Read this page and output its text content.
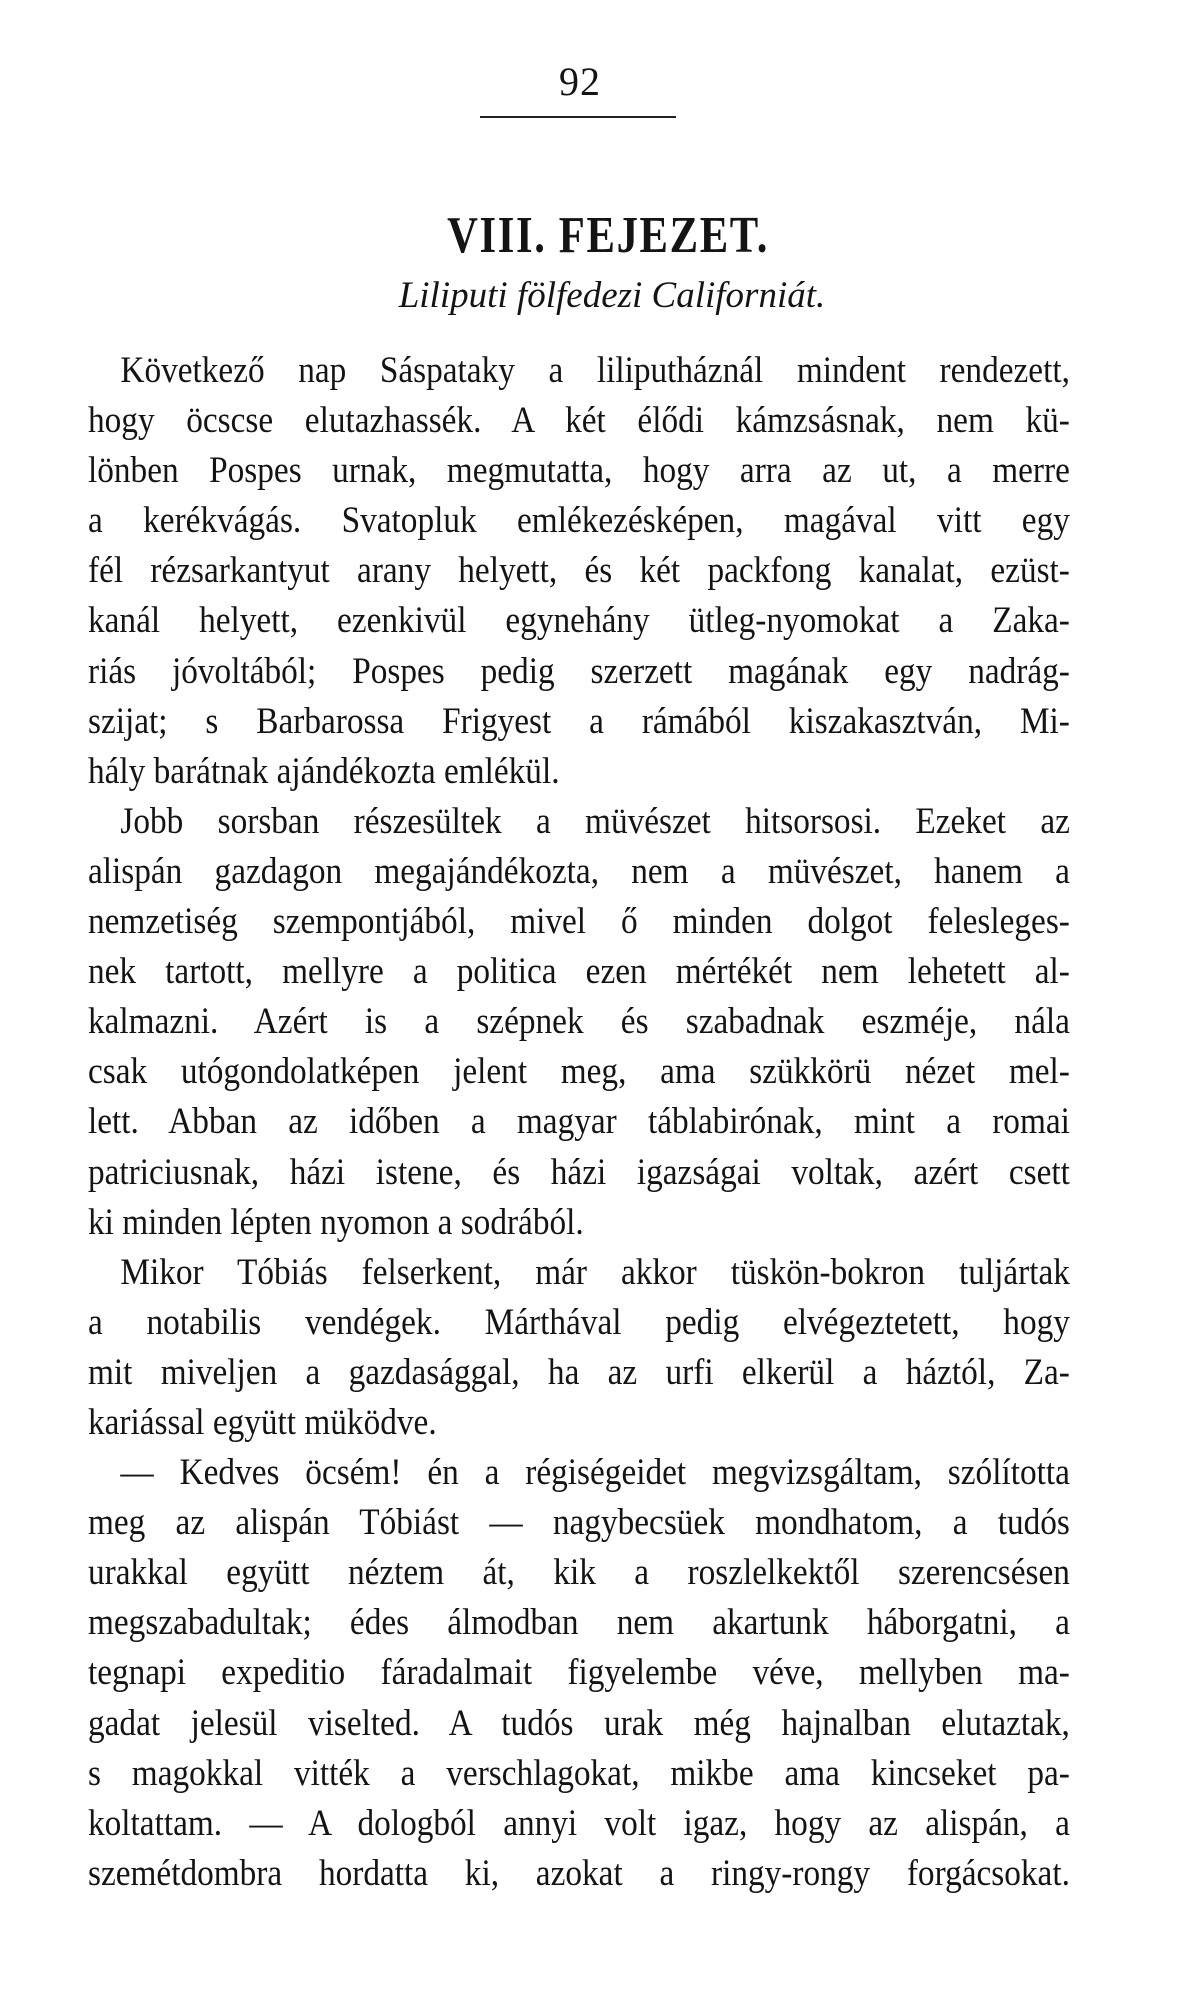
92
VIII. FEJEZET.
Liliputi fölfedezi Californiát.
Következő nap Sáspataky a liliputháznál mindent rendezett,
hogy öcscse elutazhassék. A két élődi kámzsásnak, nem kü-
lönben Pospes urnak, megmutatta, hogy arra az ut, a merre
a kerékvágás. Svatopluk emlékezésképen, magával vitt egy
fél rézsarkantyut arany helyett, és két packfong kanalat, ezüst-
kanál helyett, ezenkivül egynehány ütleg-nyomokat a Zaka-
riás jóvoltából; Pospes pedig szerzett magának egy nadrág-
szijat; s Barbarossa Frigyest a rámából kiszakasztván, Mi-
hály barátnak ajándékozta emlékül.
Jobb sorsban részesültek a müvészet hitsorsosi. Ezeket az
alispán gazdagon megajándékozta, nem a müvészet, hanem a
nemzetiség szempontjából, mivel ő minden dolgot felesleges-
nek tartott, mellyre a politica ezen mértékét nem lehetett al-
kalmazni. Azért is a szépnek és szabadnak eszméje, nála
csak utógondolatképen jelent meg, ama szükkörü nézet mel-
lett. Abban az időben a magyar táblabirónak, mint a romai
patriciusnak, házi istene, és házi igazságai voltak, azért csett
ki minden lépten nyomon a sodrából.
Mikor Tóbiás felserkent, már akkor tüskön-bokron tuljártak
a notabilis vendégek. Márthával pedig elvégeztetett, hogy
mit miveljen a gazdasággal, ha az urfi elkerül a háztól, Za-
kariással együtt müködve.
— Kedves öcsém! én a régiségeidet megvizsgáltam, szólította
meg az alispán Tóbiást — nagybecsüek mondhatom, a tudós
urakkal együtt néztem át, kik a roszlelkektől szerencsésen
megszabadultak; édes álmodban nem akartunk háborgatni, a
tegnapi expeditio fáradalmait figyelembe véve, mellyben ma-
gadat jelesül viselted. A tudós urak még hajnalban elutaztak,
s magokkal vitték a verschlagokat, mikbe ama kincseket pa-
koltattam. — A dologból annyi volt igaz, hogy az alispán, a
szemétdombra hordatta ki, azokat a ringy-rongy forgácsokat.
